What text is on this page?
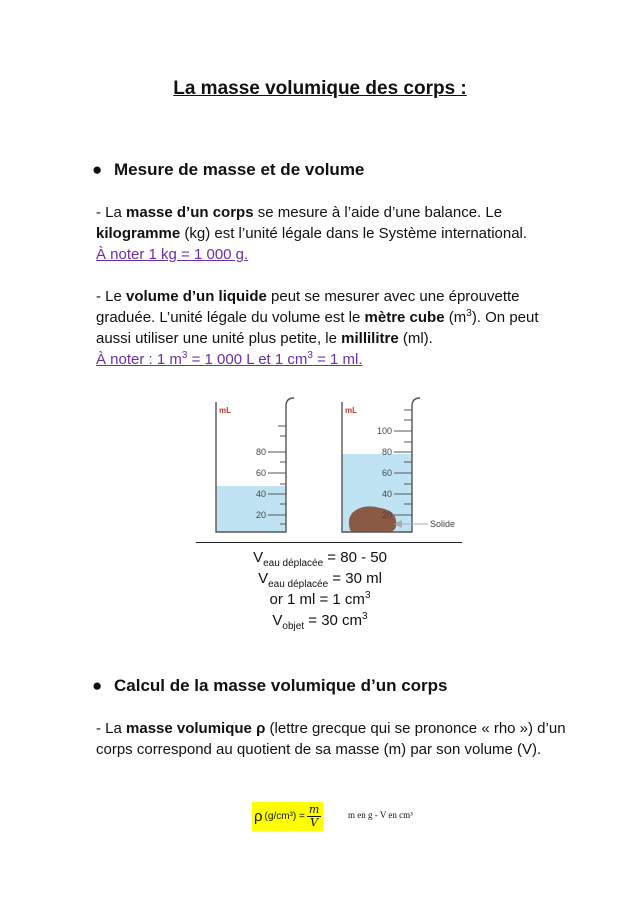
La masse volumique des corps :
● Mesure de masse et de volume
- La masse d’un corps se mesure à l’aide d’une balance. Le kilogramme (kg) est l’unité légale dans le Système international.
À noter 1 kg = 1 000 g.
- Le volume d’un liquide peut se mesurer avec une éprouvette graduée. L’unité légale du volume est le mètre cube $(m^3)$. On peut aussi utiliser une unité plus petite, le millilitre (ml).
À noter : 1 $m^3 = 1$ 000 L et 1 $cm^3 = 1$ ml.
mL
80
60
40
20
mL
100
80
60
40
20
Solide
$V_{eau déplacée} = 80 - 50$
$V_{eau déplacée} = 30$ ml
or 1 ml = 1 $cm^3$
$V_{objet} = 30$ $cm^3$
● Calcul de la masse volumique d’un corps
- La masse volumique ρ (lettre grecque qui se prononce « rho ») d’un corps correspond au quotient de sa masse (m) par son volume (V).
ρ $(g/cm^3) = \frac{m}{V}$	m en g - V en cm³
